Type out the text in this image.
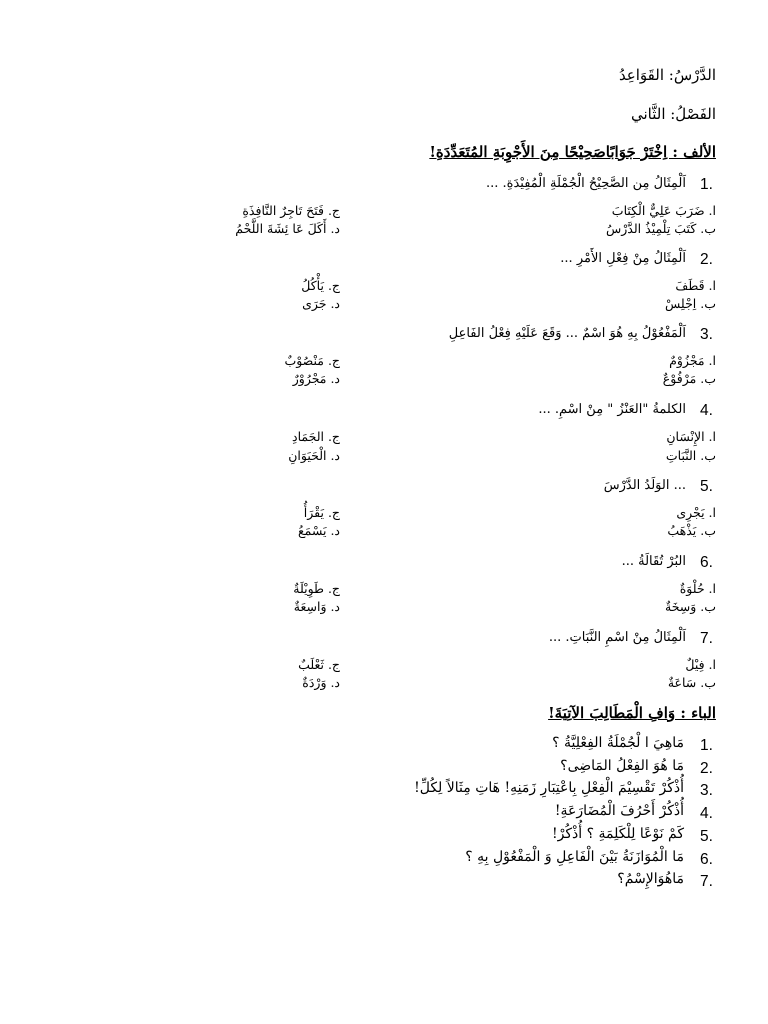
الدَّرْسُ: القَوَاعِدُ
الفَصْلُ: الثَّاني
الألف : اِخْتَرْ جَوَابًاصَحِيْحًا مِنَ الأَجْوِبَةِ المُتَعَدِّدَةِ!
1.
اَلْمِثَالُ مِن الصَّحِيْحُ الْجُمْلَةِ الْمُفِيْدَةِ. ...
ا. ضَرَبَ عَلِيٌّ الْكِتَابَ
ب. كَتَبَ تِلْمِيْذُ الدَّرْسُ
ج. فَتَحَ تَاجِرٌ النَّافِذَةِ
د. أَكَلَ عَا ئِشَةَ اللَّحْمُ
2.
اَلْمِثَالُ مِنْ فِعْلِ الأَمْرِ ...
ا. قَطَفَ
ب. اِجْلِسْ
ج. يَأْكُلُ
د. جَرَى
3.
اَلْمَفْعُوْلُ بِهِ هُوَ اسْمٌ ... وَقَعَ عَلَيْهِ فِعْلُ الفَاعِلِ
ا. مَجْزُوْمٌ
ب. مَرْفُوْعٌ
ج. مَنْصُوْبٌ
د. مَجْرُوْرٌ
4.
الكلمةُ "العَنْزُ " مِنْ اسْمِ. ...
ا. الإِنْسَانِ
ب. النَّبَاتِ
ج. الجَمَادِ
د. الْحَيَوَانِ
5.
... الوَلَدُ الدَّرْسَ
ا. يَجْرِى
ب. يَذْهَبُ
ج. يَقْرَأُ
د. يَسْمَعُ
6.
البُرْ تُقَالَةُ ...
ا. حُلْوَةٌ
ب. وَسِخَةٌ
ج. طَوِيْلَةٌ
د. وَاسِعَةٌ
7.
اَلْمِثَالُ مِنْ اسْمِ النَّبَاتِ. ...
ا. فِيْلٌ
ب. سَاعَةٌ
ج. ثَعْلَبٌ
د. وَرْدَةٌ
الباء : وَافِ الْمَطَالِبَ الآتِيَةَ!
1.
مَاهِيَ ا لْجُمْلَةُ الفِعْلِيَّةُ ؟
2.
مَا هُوَ الفِعْلُ المَاضِى؟
3.
أُذْكُرْ تَقْسِيْمَ الْفِعْلِ بِاعْتِبَارِ زَمَنِهِ! هَاتِ مِثَالاً لِكُلِّ!
4.
أُذْكُرْ أَحْرُفَ الْمُضَارَعَةِ!
5.
كَمْ نَوْعًا لِلْكَلِمَةِ ؟ أُذْكُرْ!
6.
مَا الْمُوَازَنَةُ بَيْنَ الْفَاعِلِ وَ الْمَفْعُوْلِ بِهِ ؟
7.
مَاهُوَالإِسْمُ؟
